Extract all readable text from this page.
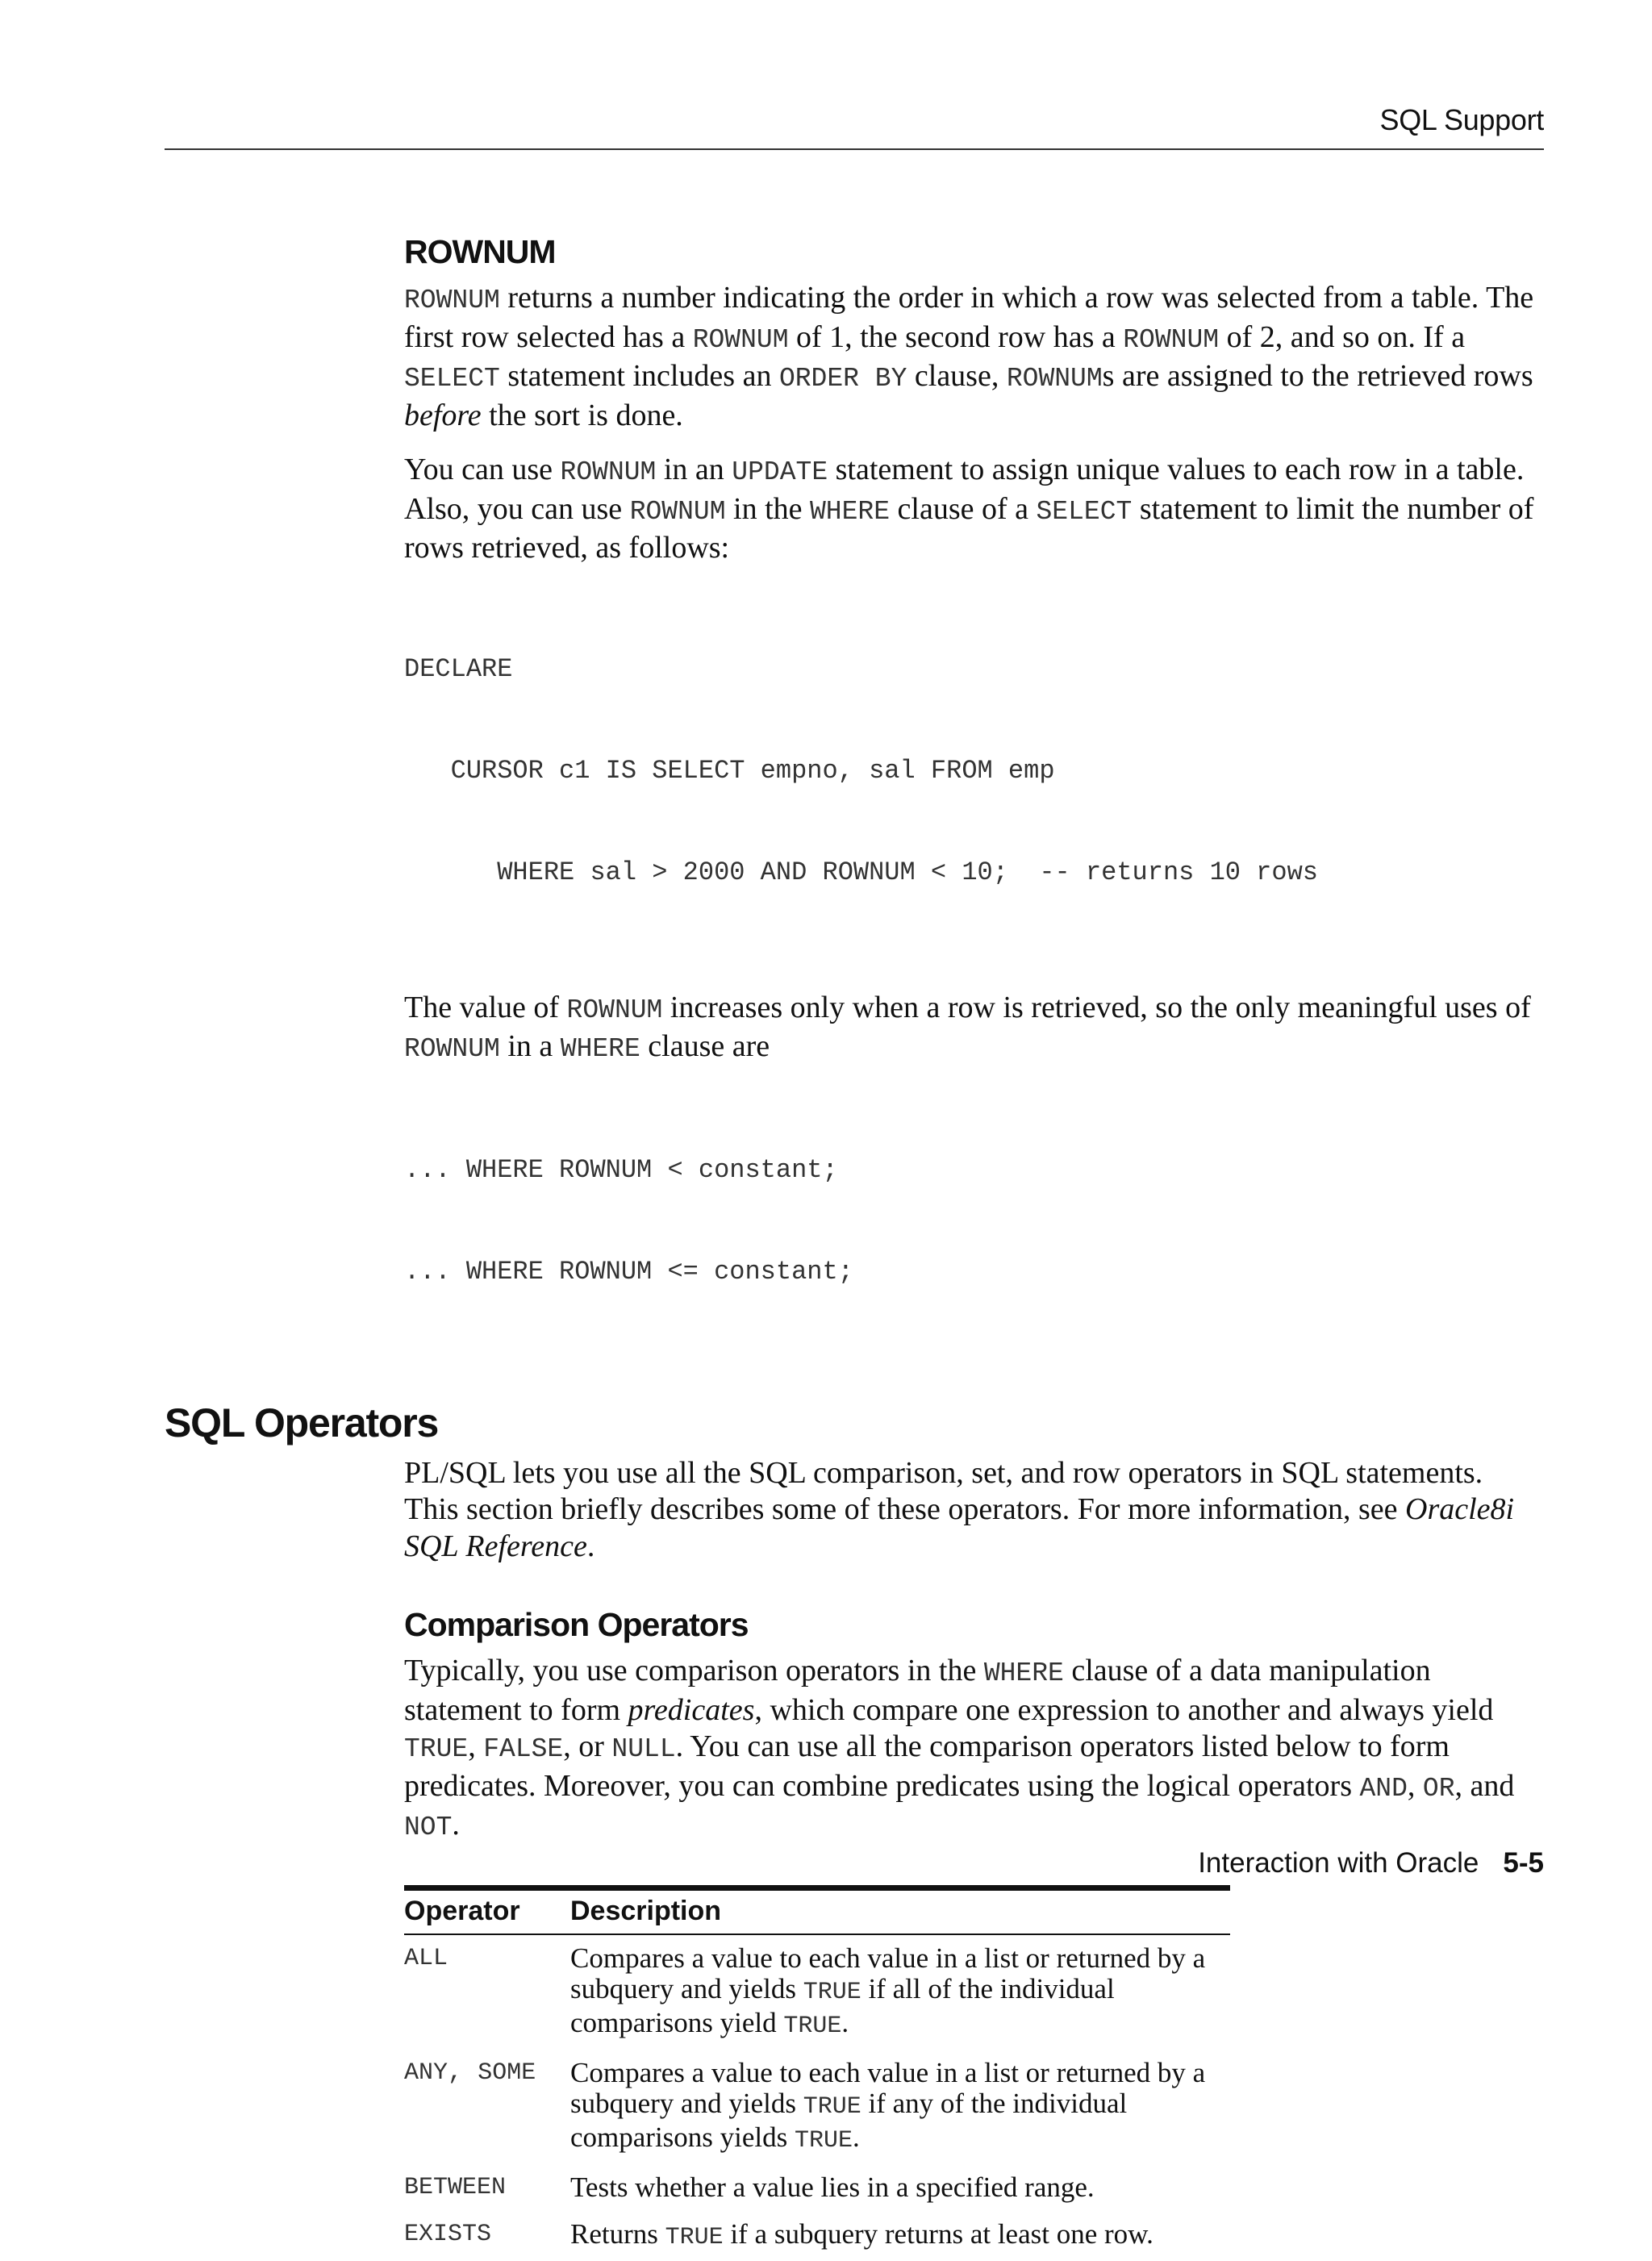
SQL Support
ROWNUM

ROWNUM returns a number indicating the order in which a row was selected from a table. The first row selected has a ROWNUM of 1, the second row has a ROWNUM of 2, and so on. If a SELECT statement includes an ORDER BY clause, ROWNUMs are assigned to the retrieved rows before the sort is done.

You can use ROWNUM in an UPDATE statement to assign unique values to each row in a table. Also, you can use ROWNUM in the WHERE clause of a SELECT statement to limit the number of rows retrieved, as follows:

DECLARE

CURSOR c1 IS SELECT empno, sal FROM emp

WHERE sal > 2000 AND ROWNUM < 10;  -- returns 10 rows

The value of ROWNUM increases only when a row is retrieved, so the only meaningful uses of ROWNUM in a WHERE clause are

... WHERE ROWNUM < constant;

... WHERE ROWNUM <= constant;

SQL Operators

PL/SQL lets you use all the SQL comparison, set, and row operators in SQL statements. This section briefly describes some of these operators. For more information, see Oracle8i SQL Reference.

Comparison Operators

Typically, you use comparison operators in the WHERE clause of a data manipulation statement to form predicates, which compare one expression to another and always yield TRUE, FALSE, or NULL. You can use all the comparison operators listed below to form predicates. Moreover, you can combine predicates using the logical operators AND, OR, and NOT.

Operator	Description
ALL	Compares a value to each value in a list or returned by a subquery and yields TRUE if all of the individual comparisons yield TRUE.
ANY, SOME	Compares a value to each value in a list or returned by a subquery and yields TRUE if any of the individual comparisons yields TRUE.
BETWEEN	Tests whether a value lies in a specified range.
EXISTS	Returns TRUE if a subquery returns at least one row.
Interaction with Oracle 5-5
